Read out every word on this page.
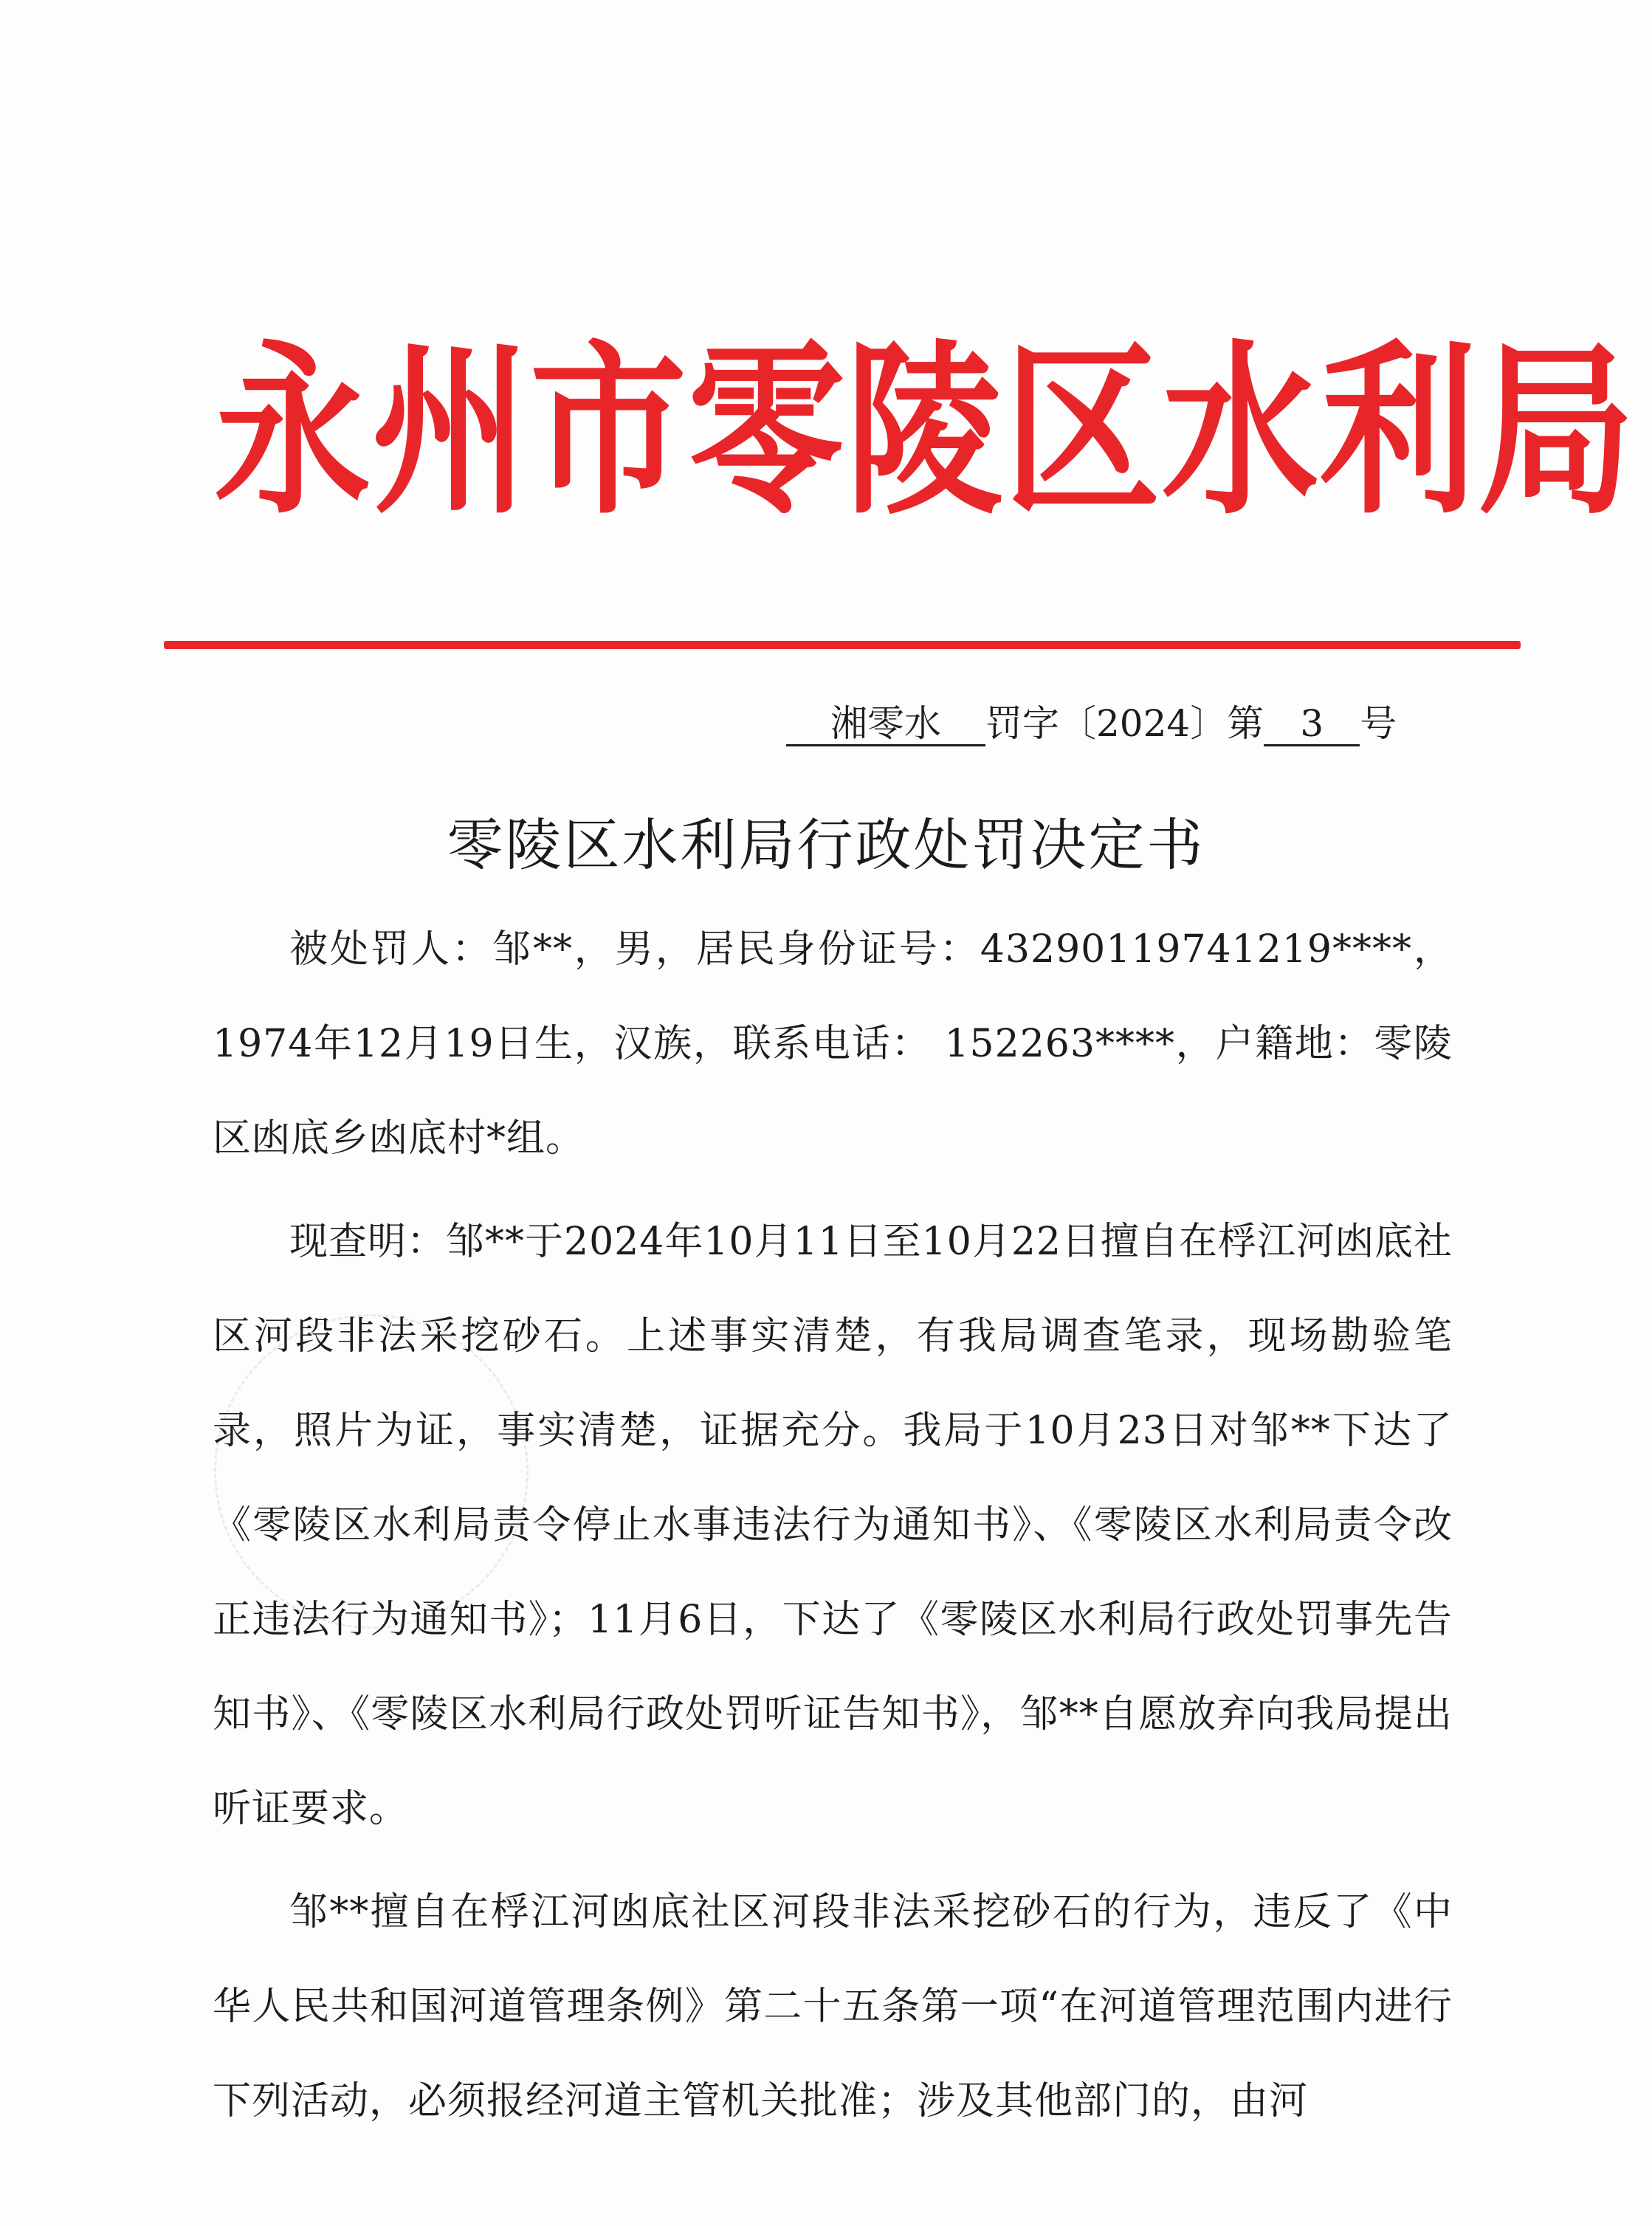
永州市零陵区水利局
湘零水 罚字〔2024〕第 3 号
零陵区水利局行政处罚决定书

被处罚人：邹**，男，居民身份证号：43290119741219****，1974年12月19日生，汉族，联系电话： 152263****，户籍地：零陵区凼底乡凼底村*组。

现查明：邹**于2024年10月11日至10月22日擅自在桴江河凼底社区河段非法采挖砂石。上述事实清楚，有我局调查笔录，现场勘验笔录，照片为证，事实清楚，证据充分。我局于10月23日对邹**下达了《零陵区水利局责令停止水事违法行为通知书》、《零陵区水利局责令改正违法行为通知书》；11月6日，下达了《零陵区水利局行政处罚事先告知书》、《零陵区水利局行政处罚听证告知书》，邹**自愿放弃向我局提出听证要求。

邹**擅自在桴江河凼底社区河段非法采挖砂石的行为，违反了《中华人民共和国河道管理条例》第二十五条第一项“在河道管理范围内进行下列活动，必须报经河道主管机关批准；涉及其他部门的，由河
